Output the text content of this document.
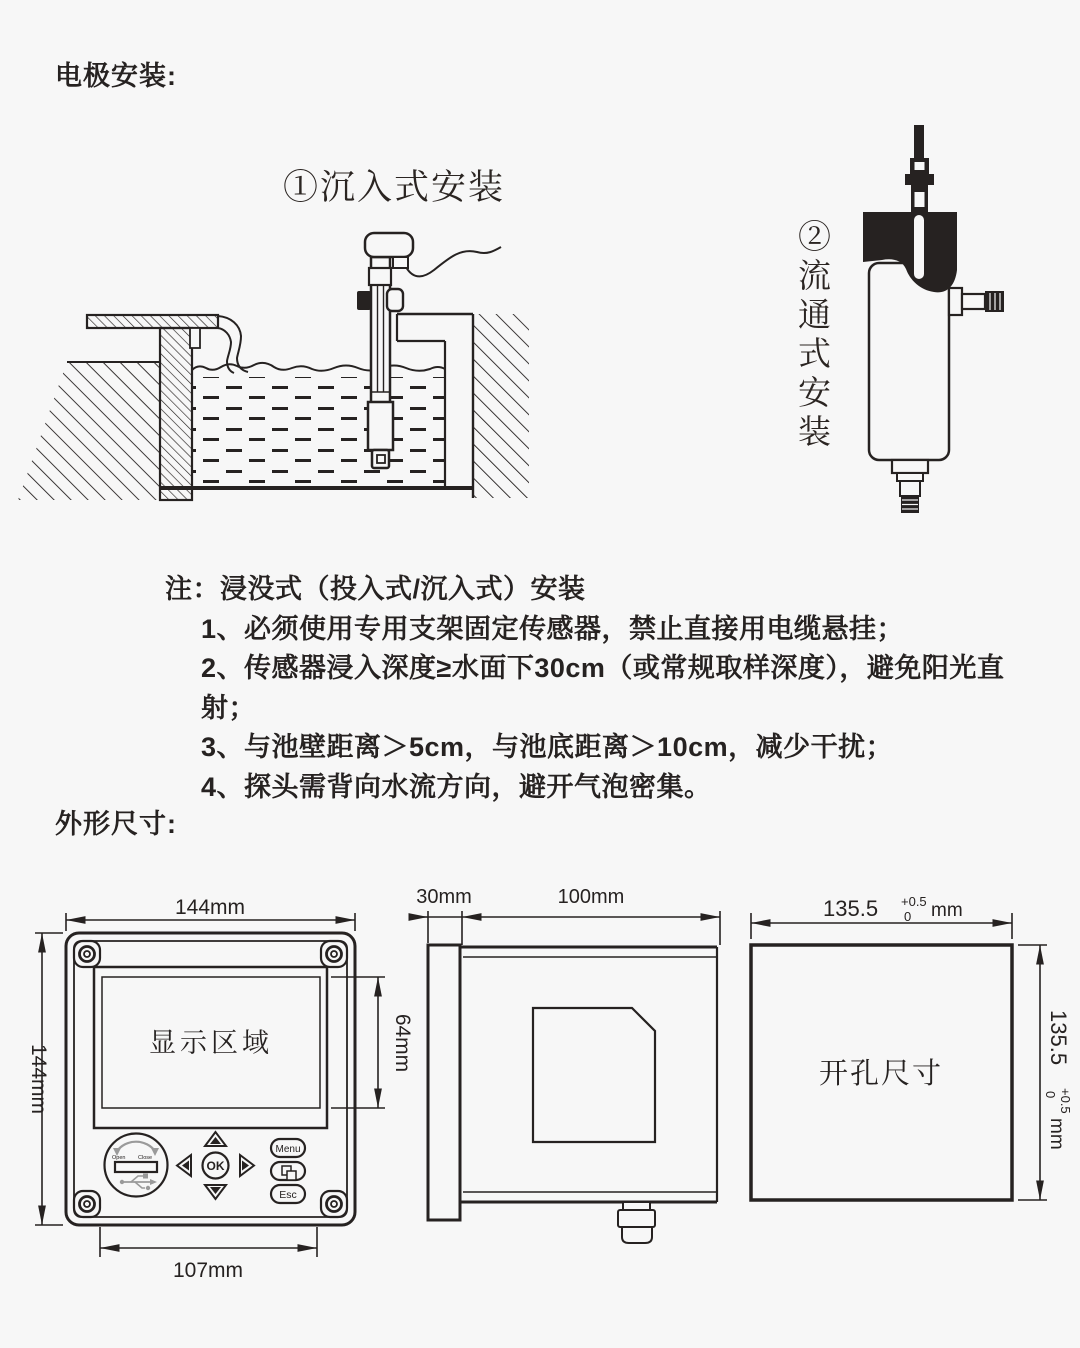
电极安装:
①沉入式安装
②流通式安装
注：浸没式（投入式/沉入式）安装
1、必须使用专用支架固定传感器，禁止直接用电缆悬挂；
2、传感器浸入深度≥水面下30cm（或常规取样深度），避免阳光直射；
3、与池壁距离＞5cm，与池底距离＞10cm，减少干扰；
4、探头需背向水流方向，避开气泡密集。
外形尺寸:
144mm
144mm
显示区域	64mm
Open Close
OK
Menu
Esc
107mm
30mm	100mm	135.5 +0.5
0 mm
开孔尺寸
135.5
+0.5
0
mm
